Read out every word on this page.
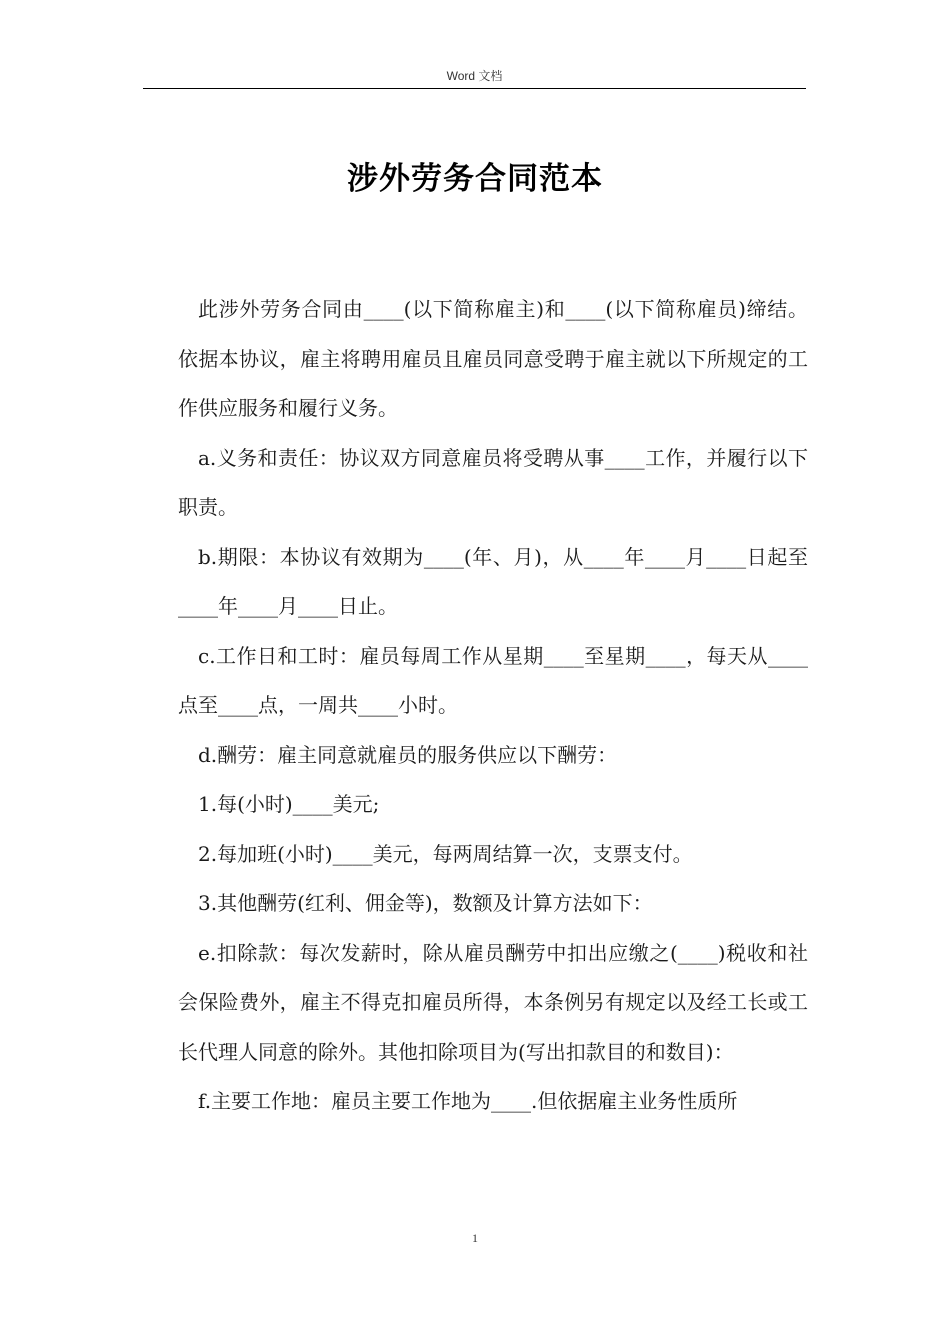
Word 文档
涉外劳务合同范本

此涉外劳务合同由____(以下简称雇主)和____(以下简称雇员)缔结。依据本协议，雇主将聘用雇员且雇员同意受聘于雇主就以下所规定的工作供应服务和履行义务。

a.义务和责任：协议双方同意雇员将受聘从事____工作，并履行以下职责。

b.期限：本协议有效期为____(年、月)，从____年____月____日起至____年____月____日止。

c.工作日和工时：雇员每周工作从星期____至星期____，每天从____点至____点，一周共____小时。

d.酬劳：雇主同意就雇员的服务供应以下酬劳：

1.每(小时)____美元;

2.每加班(小时)____美元，每两周结算一次，支票支付。

3.其他酬劳(红利、佣金等)，数额及计算方法如下：

e.扣除款：每次发薪时，除从雇员酬劳中扣出应缴之(____)税收和社会保险费外，雇主不得克扣雇员所得，本条例另有规定以及经工长或工长代理人同意的除外。其他扣除项目为(写出扣款目的和数目)：

f.主要工作地：雇员主要工作地为____.但依据雇主业务性质所

1
